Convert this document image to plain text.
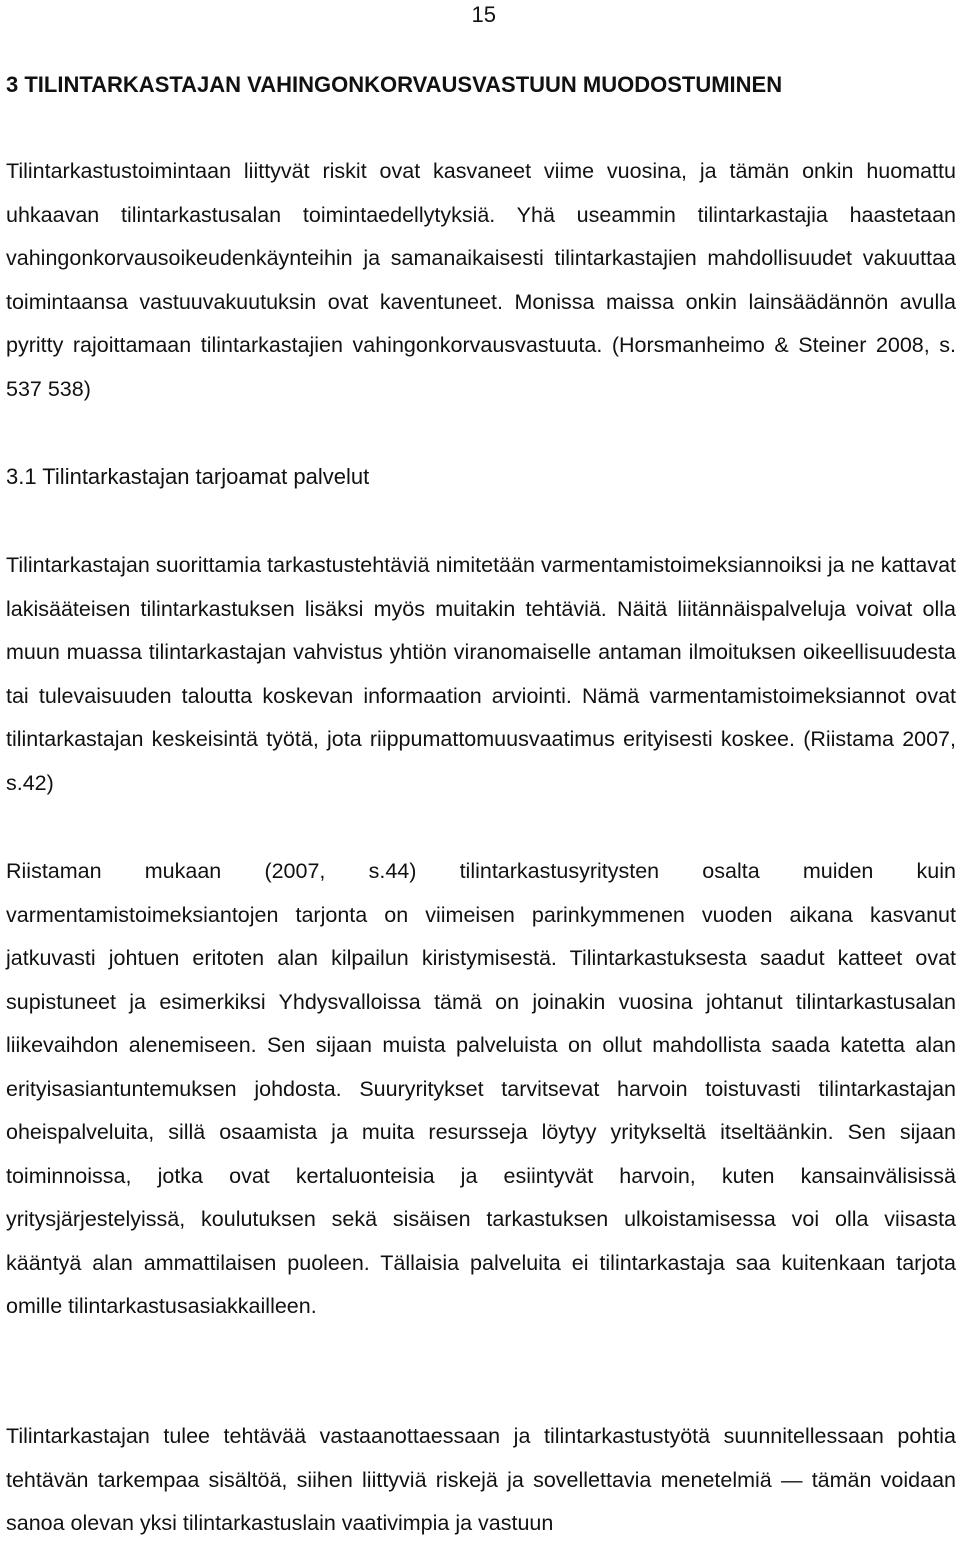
15
3 TILINTARKASTAJAN VAHINGONKORVAUSVASTUUN MUODOSTUMINEN

Tilintarkastustoimintaan liittyvät riskit ovat kasvaneet viime vuosina, ja tämän onkin huomattu uhkaavan tilintarkastusalan toimintaedellytyksiä. Yhä useammin tilintarkastajia haastetaan vahingonkorvausoikeudenkäynteihin ja samanaikaisesti tilintarkastajien mahdollisuudet vakuuttaa toimintaansa vastuuvakuutuksin ovat kaventuneet. Monissa maissa onkin lainsäädännön avulla pyritty rajoittamaan tilintarkastajien vahingonkorvausvastuuta. (Horsmanheimo & Steiner 2008, s. 537 538)

3.1 Tilintarkastajan tarjoamat palvelut

Tilintarkastajan suorittamia tarkastustehtäviä nimitetään varmentamistoimeksiannoiksi ja ne kattavat lakisääteisen tilintarkastuksen lisäksi myös muitakin tehtäviä. Näitä liitännäispalveluja voivat olla muun muassa tilintarkastajan vahvistus yhtiön viranomaiselle antaman ilmoituksen oikeellisuudesta tai tulevaisuuden taloutta koskevan informaation arviointi. Nämä varmentamistoimeksiannot ovat tilintarkastajan keskeisintä työtä, jota riippumattomuusvaatimus erityisesti koskee. (Riistama 2007, s.42)

Riistaman mukaan (2007, s.44) tilintarkastusyritysten osalta muiden kuin varmentamistoimeksiantojen tarjonta on viimeisen parinkymmenen vuoden aikana kasvanut jatkuvasti johtuen eritoten alan kilpailun kiristymisestä. Tilintarkastuksesta saadut katteet ovat supistuneet ja esimerkiksi Yhdysvalloissa tämä on joinakin vuosina johtanut tilintarkastusalan liikevaihdon alenemiseen. Sen sijaan muista palveluista on ollut mahdollista saada katetta alan erityisasiantuntemuksen johdosta. Suuryritykset tarvitsevat harvoin toistuvasti tilintarkastajan oheispalveluita, sillä osaamista ja muita resursseja löytyy yritykseltä itseltäänkin. Sen sijaan toiminnoissa, jotka ovat kertaluonteisia ja esiintyvät harvoin, kuten kansainvälisissä yritysjärjestelyissä, koulutuksen sekä sisäisen tarkastuksen ulkoistamisessa voi olla viisasta kääntyä alan ammattilaisen puoleen. Tällaisia palveluita ei tilintarkastaja saa kuitenkaan tarjota omille tilintarkastusasiakkailleen.

Tilintarkastajan tulee tehtävää vastaanottaessaan ja tilintarkastustyötä suunnitellessaan pohtia tehtävän tarkempaa sisältöä, siihen liittyviä riskejä ja sovellettavia menetelmiä — tämän voidaan sanoa olevan yksi tilintarkastuslain vaativimpia ja vastuun
